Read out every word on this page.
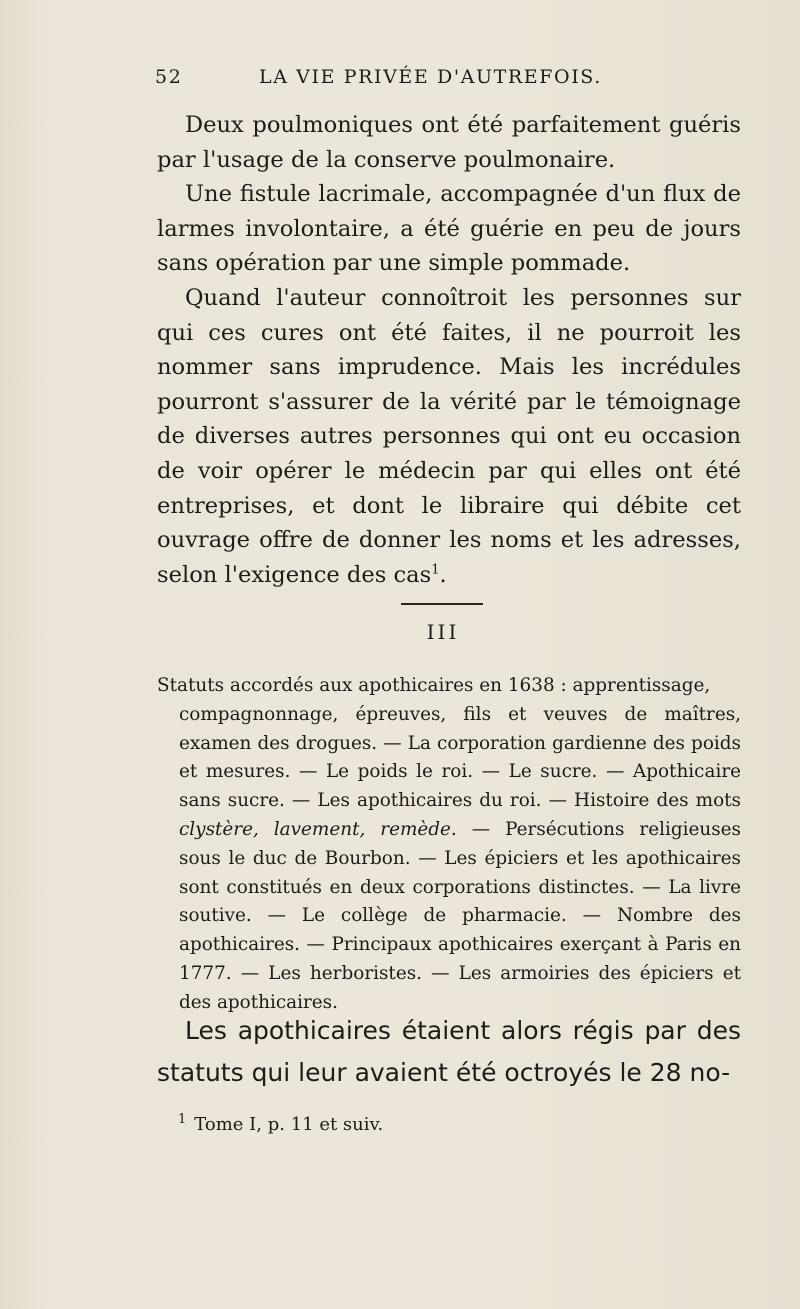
52	LA VIE PRIVÉE D'AUTREFOIS.

Deux poulmoniques ont été parfaitement guéris par l'usage de la conserve poulmonaire.

Une fistule lacrimale, accompagnée d'un flux de larmes involontaire, a été guérie en peu de jours sans opération par une simple pommade.

Quand l'auteur connoîtroit les personnes sur qui ces cures ont été faites, il ne pourroit les nommer sans imprudence. Mais les incrédules pourront s'assurer de la vérité par le témoignage de diverses autres personnes qui ont eu occasion de voir opérer le médecin par qui elles ont été entreprises, et dont le libraire qui débite cet ouvrage offre de donner les noms et les adresses, selon l'exigence des cas$^1$.

III
Statuts accordés aux apothicaires en 1638 : apprentissage,
compagnonnage, épreuves, fils et veuves de maîtres, examen des drogues. — La corporation gardienne des poids et mesures. — Le poids le roi. — Le sucre. — Apothicaire sans sucre. — Les apothicaires du roi. — Histoire des mots clystère, lavement, remède. — Persécutions religieuses sous le duc de Bourbon. — Les épiciers et les apothicaires sont constitués en deux corporations distinctes. — La livre soutive. — Le collège de pharmacie. — Nombre des apothicaires. — Principaux apothicaires exerçant à Paris en 1777. — Les herboristes. — Les armoiries des épiciers et des apothicaires.
Les apothicaires étaient alors régis par des statuts qui leur avaient été octroyés le 28 no-
$^1$ Tome I, p. 11 et suiv.
